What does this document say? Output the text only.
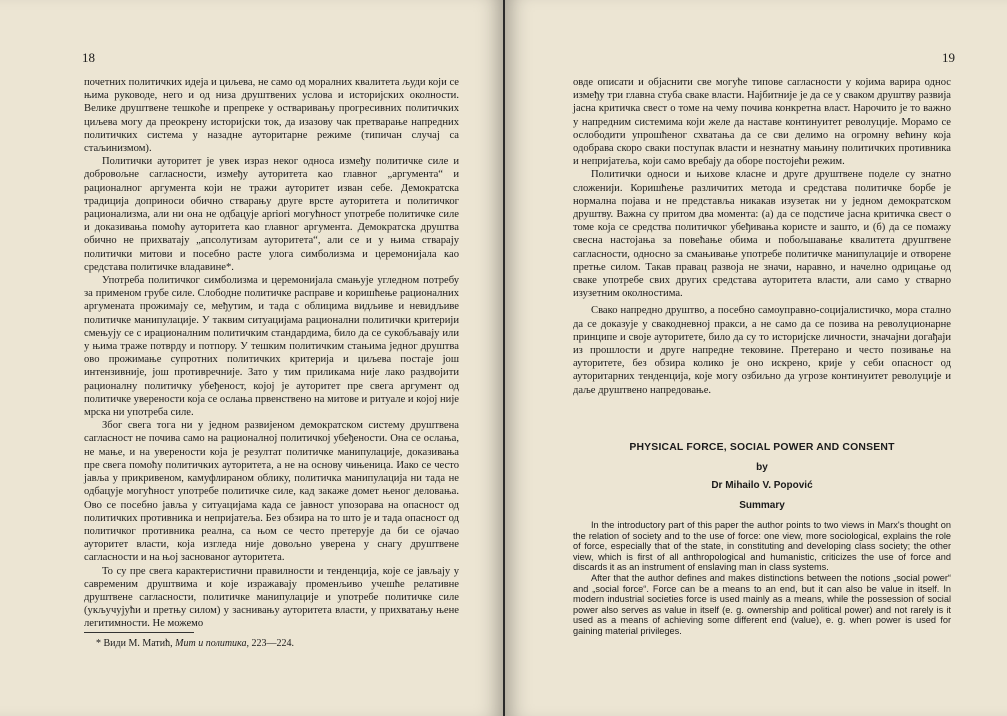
18

почетних политичких идеја и циљева, не само од моралних квалитета људи који се њима руководе, него и од низа друштвених услова и историјских околности. Велике друштвене тешкоће и препреке у остваривању прогресивних политичких циљева могу да преокрену историјски ток, да изазову чак претварање напредних политичких система у назадне ауторитарне режиме (типичан случај са стаљинизмом).

Политички ауторитет је увек израз неког односа између политичке силе и добровољне сагласности, између ауторитета као главног „аргумента“ и рационалног аргумента који не тражи ауторитет изван себе. Демократска традиција доприноси обично стварању друге врсте ауторитета и политичког рационализма, али ни она не одбацује apriori могућност употребе политичке силе и доказивања помоћу ауторитета као главног аргумента. Демократска друштва обично не прихватају „апсолутизам ауторитета“, али се и у њима стварају политички митови и посебно расте улога симболизма и церемонијала као средстава политичке владавине*.

Употреба политичког симболизма и церемонијала смањује угледном потребу за применом грубе силе. Слободне политичке расправе и коришћење рационалних аргумената прожимају се, међутим, и тада с облицима видљиве и невидљиве политичке манипулације. У таквим ситуацијама рационални политички критерији смењују се с ирационалним политичким стандардима, било да се сукобљавају или у њима траже потврду и потпору. У тешким политичким стањима једног друштва ово прожимање супротних политичких критерија и циљева постаје још интензивније, још противречније. Зато у тим приликама није лако раздвојити рационалну политичку убеђеност, којој је ауторитет пре свега аргумент од политичке уверености која се ослања првенствено на митове и ритуале и којој није мрска ни употреба силе.

Због свега тога ни у једном развијеном демократском систему друштвена сагласност не почива само на рационалној политичкој убеђености. Она се ослања, не мање, и на уверености која је резултат политичке манипулације, доказивања пре свега помоћу политичких ауторитета, а не на основу чињеница. Иако се често јавља у прикривеном, камуфлираном облику, политичка манипулација ни тада не одбацује могућност употребе политичке силе, кад закаже домет њеног деловања. Ово се посебно јавља у ситуацијама када се јавност упозорава на опасност од политичких противника и непријатеља. Без обзира на то што је и тада опасност од политичког противника реална, са њом се често претерује да би се ојачао ауторитет власти, која изгледа није довољно уверена у снагу друштвене сагласности и на њој заснованог ауторитета.

То су пре свега карактеристични правилности и тенденција, које се јављају у савременим друштвима и које изражавају променљиво учешће релативне друштвене сагласности, политичке манипулације и употребе политичке силе (укључујући и претњу силом) у заснивању ауторитета власти, у прихватању њене легитимности. Не можемо

* Види М. Матић, Мит и политика, 223—224.

19

овде описати и објаснити све могуће типове сагласности у којима варира однос између три главна стуба сваке власти. Најбитније је да се у сваком друштву развија јасна критичка свест о томе на чему почива конкретна власт. Нарочито је то важно у напредним системима који желе да наставе континуитет револуције. Морамо се ослободити упрошћеног схватања да се сви делимо на огромну већину која одобрава скоро сваки поступак власти и незнатну мањину политичких противника и непријатеља, који само вребају да оборе постојећи режим.

Политички односи и њихове класне и друге друштвене поделе су знатно сложенији. Коришћење различитих метода и средстава политичке борбе је нормална појава и не представља никакав изузетак ни у једном демократском друштву. Важна су притом два момента: (а) да се подстиче јасна критичка свест о томе која се средства политичког убеђивања користе и зашто, и (б) да се помажу свесна настојања за повећање обима и побољшавање квалитета друштвене сагласности, односно за смањивање употребе политичке манипулације и отворене претње силом. Такав правац развоја не значи, наравно, и начелно одрицање од сваке употребе свих других средстава ауторитета власти, али само у стварно изузетним околностима.

Свако напредно друштво, а посебно самоуправно-социјалистичко, мора стално да се доказује у свакодневној пракси, а не само да се позива на револуционарне принципе и своје ауторитете, било да су то историјске личности, значајни догађаји из прошлости и друге напредне тековине. Претерано и често позивање на ауторитете, без обзира колико је оно искрено, крије у себи опасност од ауторитарних тенденција, које могу озбиљно да угрозе континуитет револуције и даље друштвено напредовање.

PHYSICAL FORCE, SOCIAL POWER AND CONSENT
by
Dr Mihailo V. Popović
Summary

In the introductory part of this paper the author points to two views in Marx's thought on the relation of society and to the use of force: one view, more sociological, explains the role of force, especially that of the state, in constituting and developing class society; the other view, which is first of all anthropological and humanistic, criticizes the use of force and discards it as an instrument of enslaving man in class systems.

After that the author defines and makes distinctions between the notions „social power“ and „social force“. Force can be a means to an end, but it can also be value in itself. In modern industrial societies force is used mainly as a means, while the possession of social power also serves as value in itself (e. g. ownership and political power) and not rarely is it used as a means of achieving some different end (value), e. g. when power is used for gaining material privileges.
